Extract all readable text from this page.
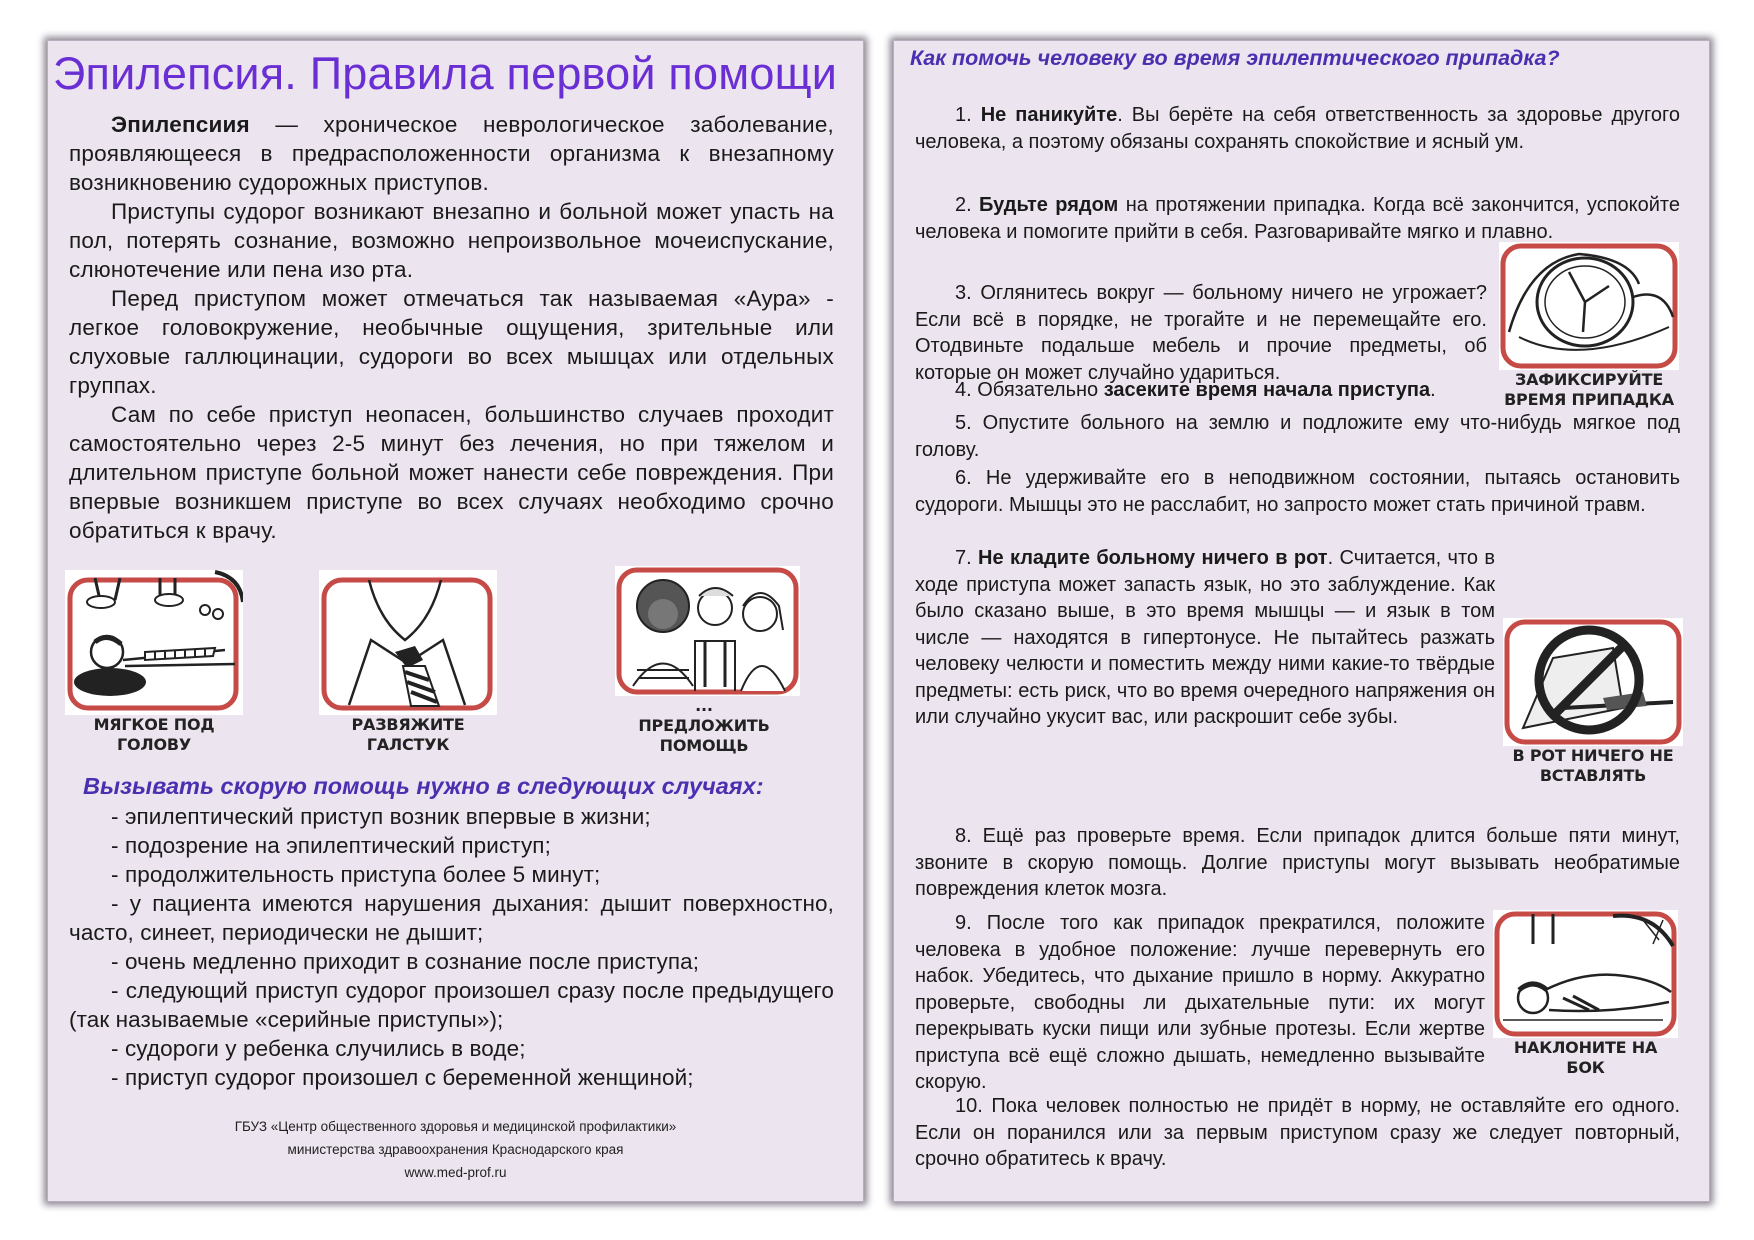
Эпилепсия. Правила первой помощи

Эпилепсиия — хроническое неврологическое заболевание, проявляющееся в предрасположенности организма к внезапному возникновению судорожных приступов.

Приступы судорог возникают внезапно и больной может упасть на пол, потерять сознание, возможно непроизвольное мочеиспускание, слюнотечение или пена изо рта.

Перед приступом может отмечаться так называемая «Аура» - легкое головокружение, необычные ощущения, зрительные или слуховые галлюцинации, судороги во всех мышцах или отдельных группах.

Сам по себе приступ неопасен, большинство случаев проходит самостоятельно через 2-5 минут без лечения, но при тяжелом и длительном приступе больной может нанести себе повреждения. При впервые возникшем приступе во всех случаях необходимо срочно обратиться к врачу.

МЯГКОЕ ПОД ГОЛОВУ
РАЗВЯЖИТЕ ГАЛСТУК
... ПРЕДЛОЖИТЬ ПОМОЩЬ
Вызывать скорую помощь нужно в следующих случаях:

- эпилептический приступ возник впервые в жизни;

- подозрение на эпилептический приступ;

- продолжительность приступа более 5 минут;

- у пациента имеются нарушения дыхания: дышит поверхностно, часто, синеет, периодически не дышит;

- очень медленно приходит в сознание после приступа;

- следующий приступ судорог произошел сразу после предыдущего (так называемые «серийные приступы»);

- судороги у ребенка случились в воде;

- приступ судорог произошел с беременной женщиной;

ГБУЗ «Центр общественного здоровья и медицинской профилактики»
министерства здравоохранения Краснодарского края
www.med-prof.ru
Как помочь человеку во время эпилептического припадка?

1. Не паникуйте. Вы берёте на себя ответственность за здоровье другого человека, а поэтому обязаны сохранять спокойствие и ясный ум.

2. Будьте рядом на протяжении припадка. Когда всё закончится, успокойте человека и помогите прийти в себя. Разговаривайте мягко и плавно.

3. Оглянитесь вокруг — больному ничего не угрожает? Если всё в порядке, не трогайте и не перемещайте его. Отодвиньте подальше мебель и прочие предметы, об которые он может случайно удариться.	ЗАФИКСИРУЙТЕ
ВРЕМЯ ПРИПАДКА

4. Обязательно засеките время начала приступа.

5. Опустите больного на землю и подложите ему что-нибудь мягкое под голову.

6. Не удерживайте его в неподвижном состоянии, пытаясь остановить судороги. Мышцы это не расслабит, но запросто может стать причиной травм.

7. Не кладите больному ничего в рот. Считается, что в ходе приступа может запасть язык, но это заблуждение. Как было сказано выше, в это время мышцы — и язык в том числе — находятся в гипертонусе. Не пытайтесь разжать человеку челюсти и поместить между ними какие-то твёрдые предметы: есть риск, что во время очередного напряжения он или случайно укусит вас, или раскрошит себе зубы.

В РОТ НИЧЕГО НЕ
ВСТАВЛЯТЬ

8. Ещё раз проверьте время. Если припадок длится больше пяти минут, звоните в скорую помощь. Долгие приступы могут вызывать необратимые повреждения клеток мозга.

9. После того как припадок прекратился, положите человека в удобное положение: лучше перевернуть его набок. Убедитесь, что дыхание пришло в норму. Аккуратно проверьте, свободны ли дыхательные пути: их могут перекрывать куски пищи или зубные протезы. Если жертве приступа всё ещё сложно дышать, немедленно вызывайте скорую.

НАКЛОНИТЕ НА БОК

10. Пока человек полностью не придёт в норму, не оставляйте его одного. Если он поранился или за первым приступом сразу же следует повторный, срочно обратитесь к врачу.
